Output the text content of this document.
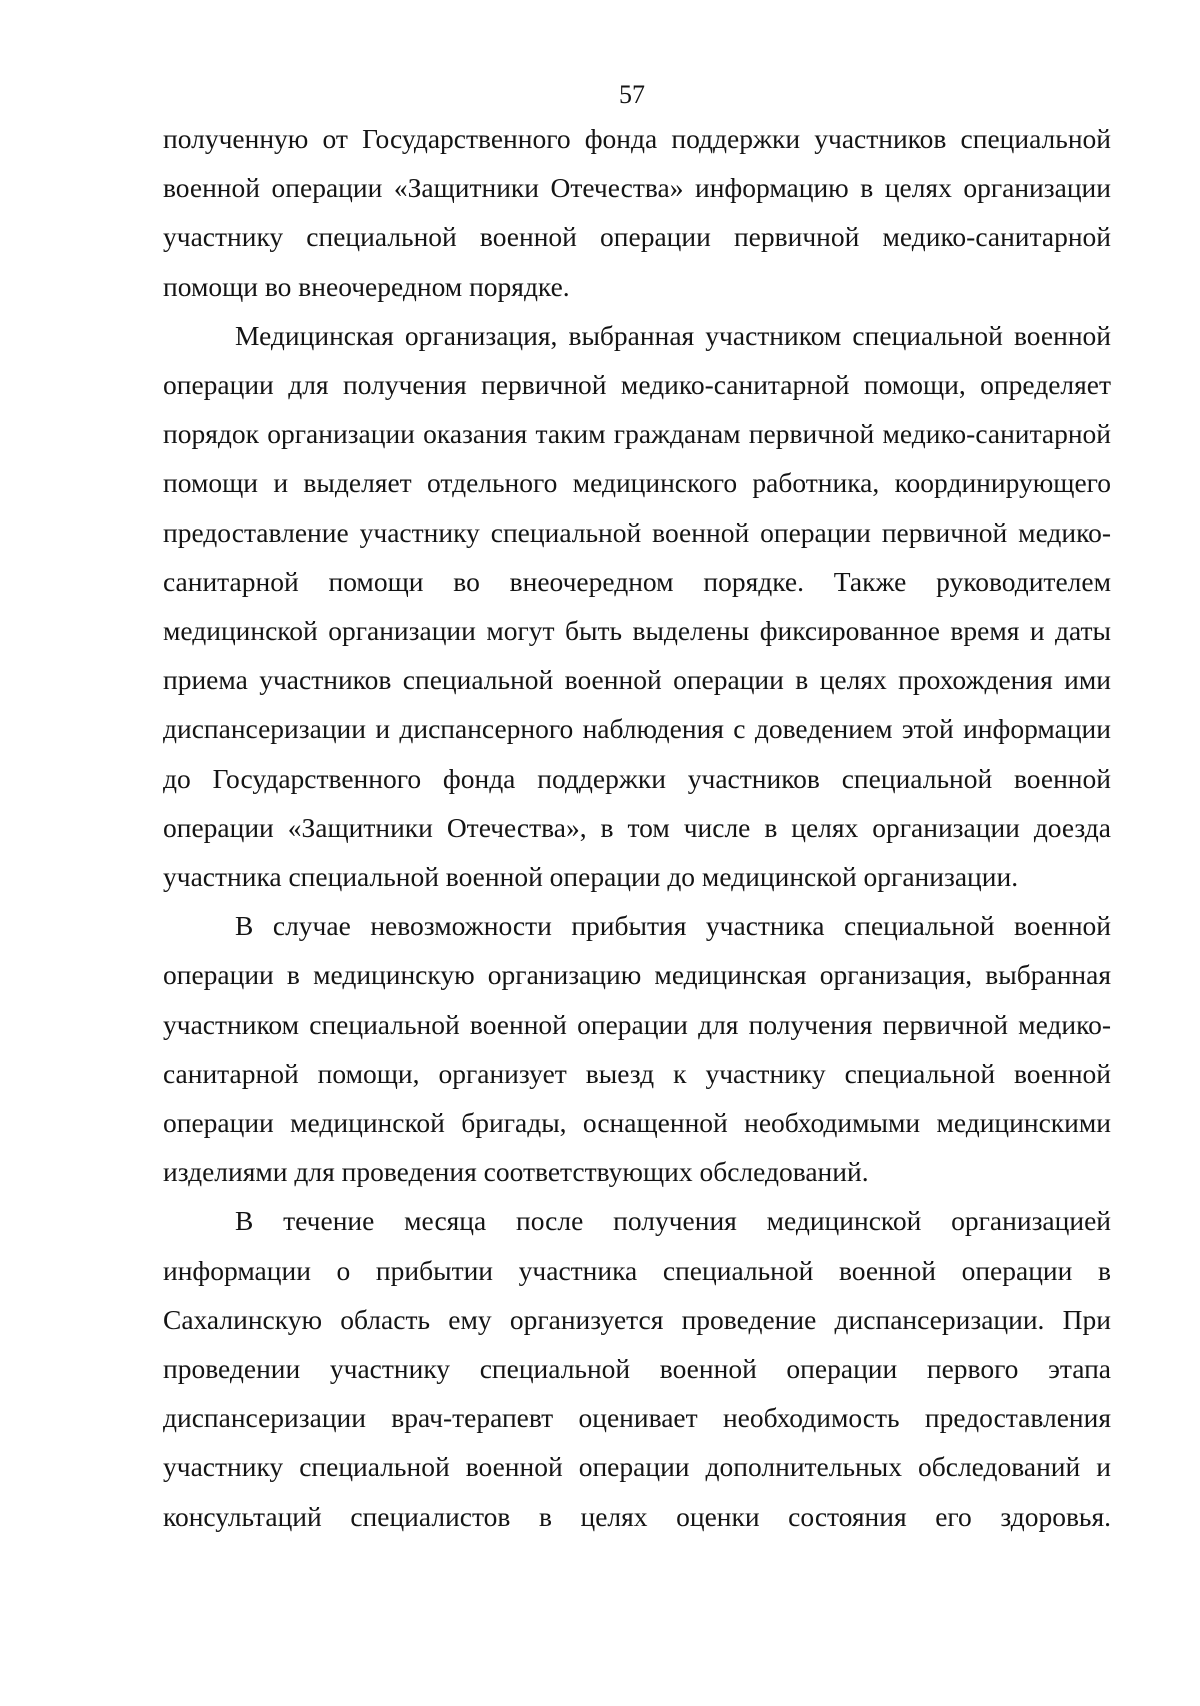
57

полученную от Государственного фонда поддержки участников специальной военной операции «Защитники Отечества» информацию в целях организации участнику специальной военной операции первичной медико-санитарной помощи во внеочередном порядке.

Медицинская организация, выбранная участником специальной военной операции для получения первичной медико-санитарной помощи, определяет порядок организации оказания таким гражданам первичной медико-санитарной помощи и выделяет отдельного медицинского работника, координирующего предоставление участнику специальной военной операции первичной медико-санитарной помощи во внеочередном порядке. Также руководителем медицинской организации могут быть выделены фиксированное время и даты приема участников специальной военной операции в целях прохождения ими диспансеризации и диспансерного наблюдения с доведением этой информации до Государственного фонда поддержки участников специальной военной операции «Защитники Отечества», в том числе в целях организации доезда участника специальной военной операции до медицинской организации.

В случае невозможности прибытия участника специальной военной операции в медицинскую организацию медицинская организация, выбранная участником специальной военной операции для получения первичной медико-санитарной помощи, организует выезд к участнику специальной военной операции медицинской бригады, оснащенной необходимыми медицинскими изделиями для проведения соответствующих обследований.

В течение месяца после получения медицинской организацией информации о прибытии участника специальной военной операции в Сахалинскую область ему организуется проведение диспансеризации. При проведении участнику специальной военной операции первого этапа диспансеризации врач-терапевт оценивает необходимость предоставления участнику специальной военной операции дополнительных обследований и консультаций специалистов в целях оценки состояния его здоровья.
